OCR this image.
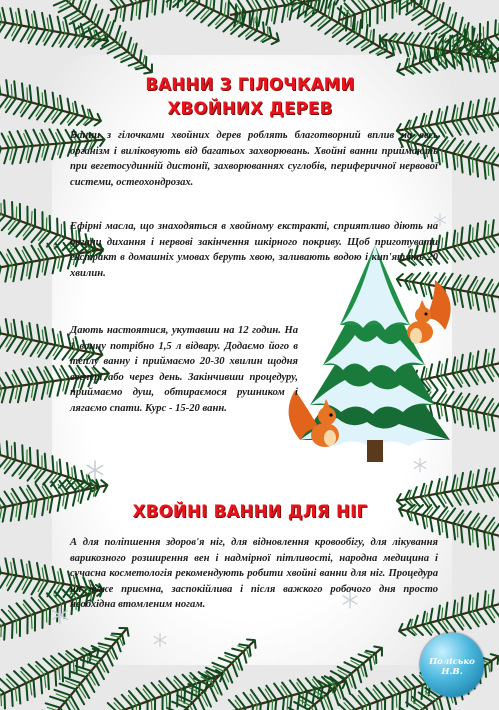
ВАННИ З ГІЛОЧКАМИ
ХВОЙНИХ ДЕРЕВ

Ванни з гілочками хвойних дерев роблять благотворний вплив на весь організм і виліковують від багатьох захворювань. Хвойні ванни приймають при вегетосудинній дистонії, захворюваннях суглобів, периферичної нервової системи, остеохондрозах.

Ефірні масла, що знаходяться в хвойному екстракті, сприятливо діють на органи дихання і нервові закінчення шкірного покриву. Щоб приготувати екстракт в домашніх умовах беруть хвою, заливають водою і кип'ятять 20 хвилин.

Дають настоятися, укутавши на 12 годин. На 1 ванну потрібно 1,5 л відвару. Додаємо його в теплу ванну і приймаємо 20-30 хвилин щодня ввечері або через день. Закінчивши процедуру, приймаємо душ, обтираємося рушником і лягаємо спати. Курс - 15-20 ванн.

ХВОЙНІ ВАННИ ДЛЯ НІГ

А для поліпшення здоров'я ніг, для відновлення кровообігу, для лікування варикозного розширення вен і надмірної пітливості, народна медицина і сучасна косметологія рекомендують робити хвойні ванни для ніг. Процедура ця дуже приємна, заспокійлива і після важкого робочого дня просто необхідна втомленим ногам.

Полісько Н.В.
